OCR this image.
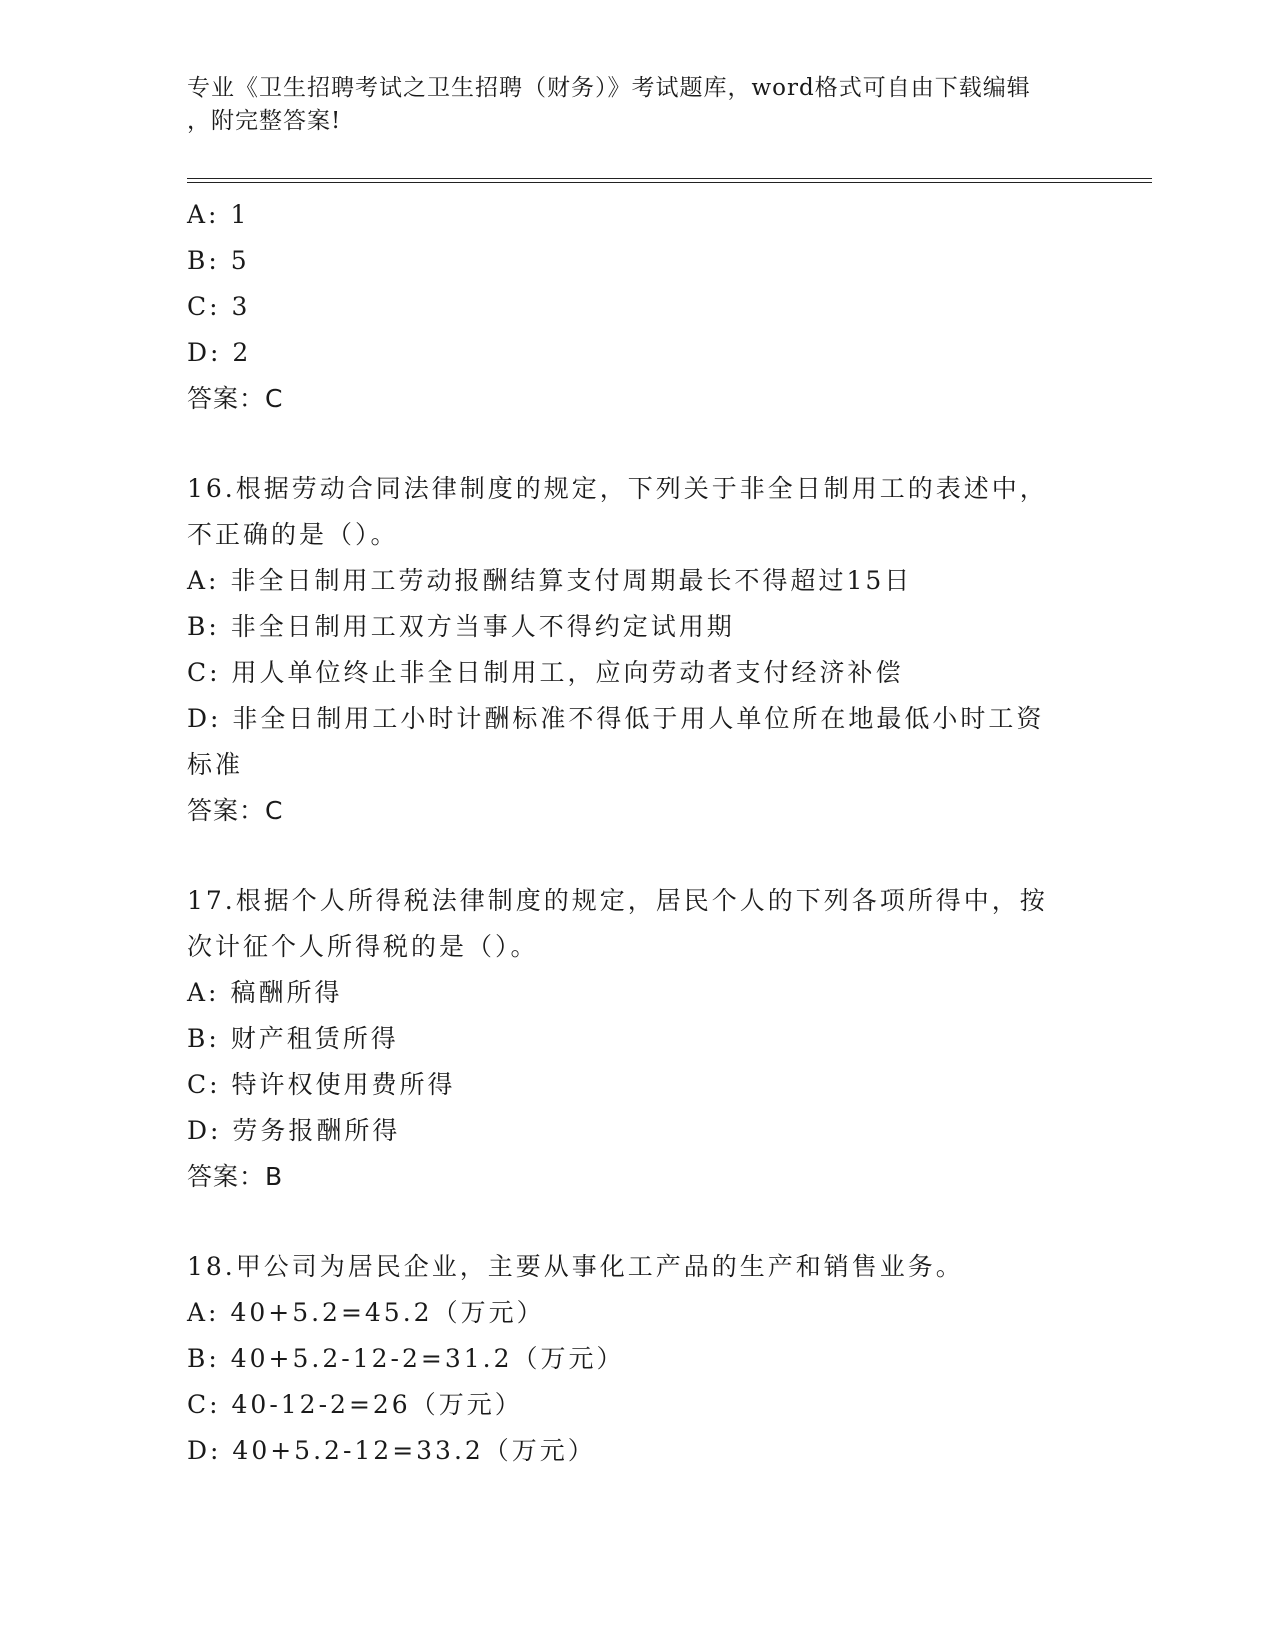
专业《卫生招聘考试之卫生招聘（财务）》考试题库，word格式可自由下载编辑
，附完整答案!
A: 1
B: 5
C: 3
D: 2
答案：C
16.根据劳动合同法律制度的规定，下列关于非全日制用工的表述中，
不正确的是（）。
A: 非全日制用工劳动报酬结算支付周期最长不得超过15日
B: 非全日制用工双方当事人不得约定试用期
C: 用人单位终止非全日制用工，应向劳动者支付经济补偿
D: 非全日制用工小时计酬标准不得低于用人单位所在地最低小时工资
标准
答案：C
17.根据个人所得税法律制度的规定，居民个人的下列各项所得中，按
次计征个人所得税的是（）。
A: 稿酬所得
B: 财产租赁所得
C: 特许权使用费所得
D: 劳务报酬所得
答案：B
18.甲公司为居民企业，主要从事化工产品的生产和销售业务。
A: 40+5.2=45.2（万元）
B: 40+5.2-12-2=31.2（万元）
C: 40-12-2=26（万元）
D: 40+5.2-12=33.2（万元）
